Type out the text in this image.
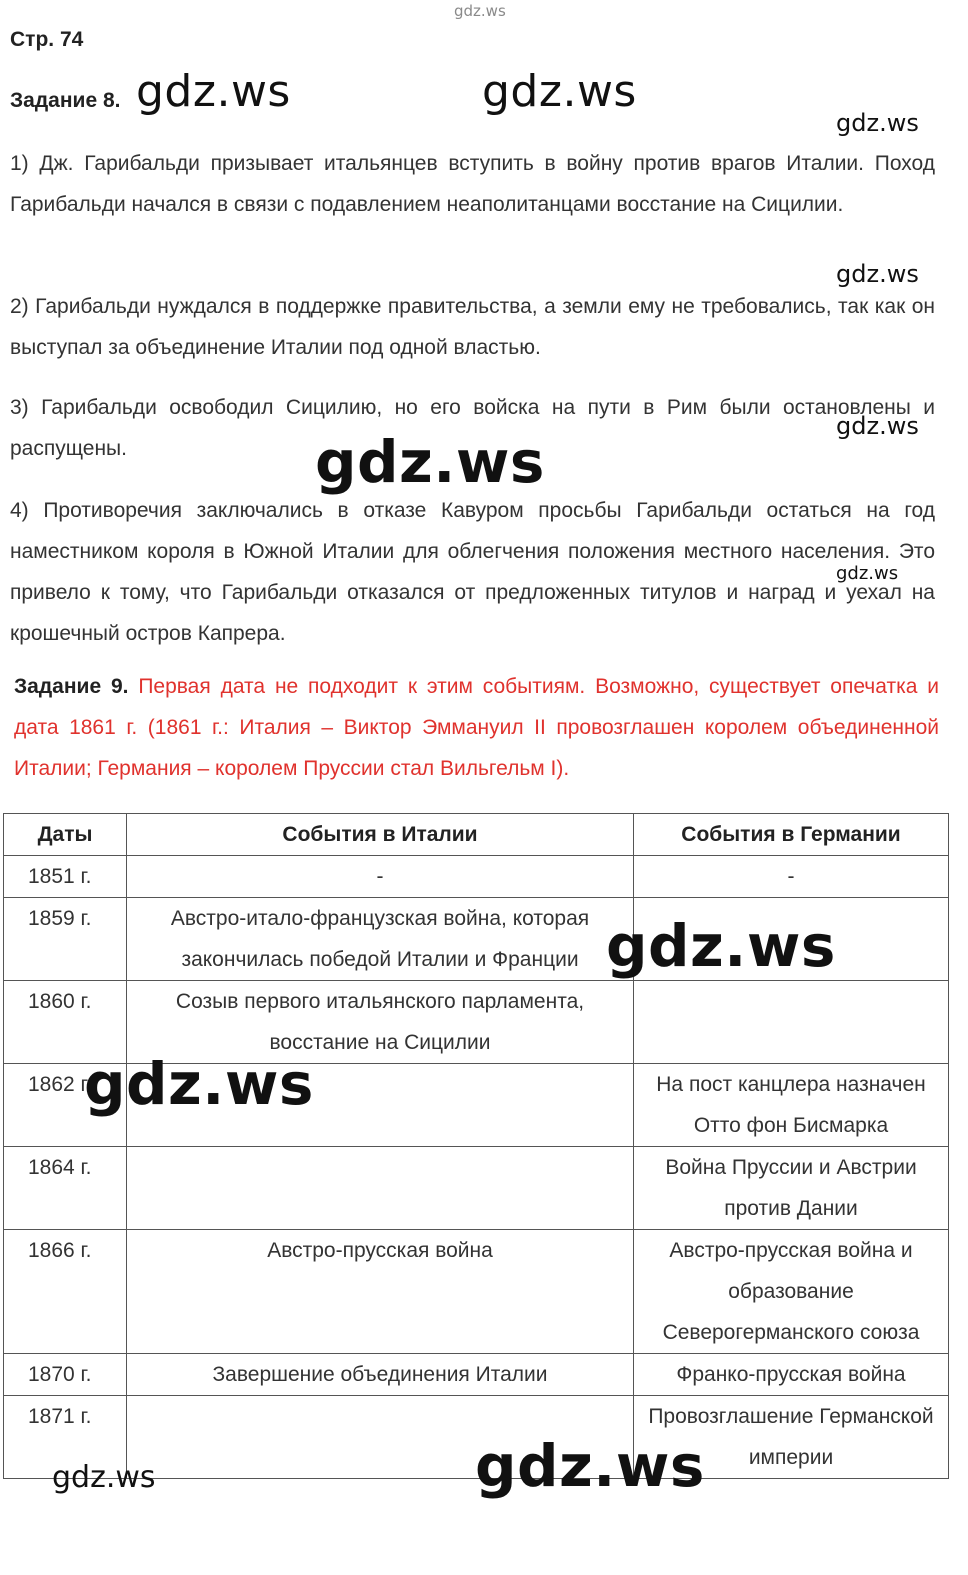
Стр. 74
Задание 8.
1) Дж. Гарибальди призывает итальянцев вступить в войну против врагов Италии. Поход Гарибальди начался в связи с подавлением неаполитанцами восстание на Сицилии.
2) Гарибальди нуждался в поддержке правительства, а земли ему не требовались, так как он выступал за объединение Италии под одной властью.
3) Гарибальди освободил Сицилию, но его войска на пути в Рим были остановлены и распущены.
4) Противоречия заключались в отказе Кавуром просьбы Гарибальди остаться на год наместником короля в Южной Италии для облегчения положения местного населения. Это привело к тому, что Гарибальди отказался от предложенных титулов и наград и уехал на крошечный остров Капрера.
Задание 9. Первая дата не подходит к этим событиям. Возможно, существует опечатка и дата 1861 г. (1861 г.: Италия – Виктор Эммануил II провозглашен королем объединенной Италии; Германия – королем Пруссии стал Вильгельм I).
Даты	События в Италии	События в Германии
1851 г.	-	-
1859 г.	Австро-итало-французская война, которая закончилась победой Италии и Франции	
1860 г.	Созыв первого итальянского парламента, восстание на Сицилии	
1862 г.		На пост канцлера назначен Отто фон Бисмарка
1864 г.		Война Пруссии и Австрии против Дании
1866 г.	Австро-прусская война	Австро-прусская война и образование Северогерманского союза
1870 г.	Завершение объединения Италии	Франко-прусская война
1871 г.		Провозглашение Германской империи
gdz.ws
gdz.ws	gdz.ws
gdz.ws
gdz.ws
gdz.ws
gdz.ws
gdz.ws
gdz.ws
gdz.ws
gdz.ws	gdz.ws
